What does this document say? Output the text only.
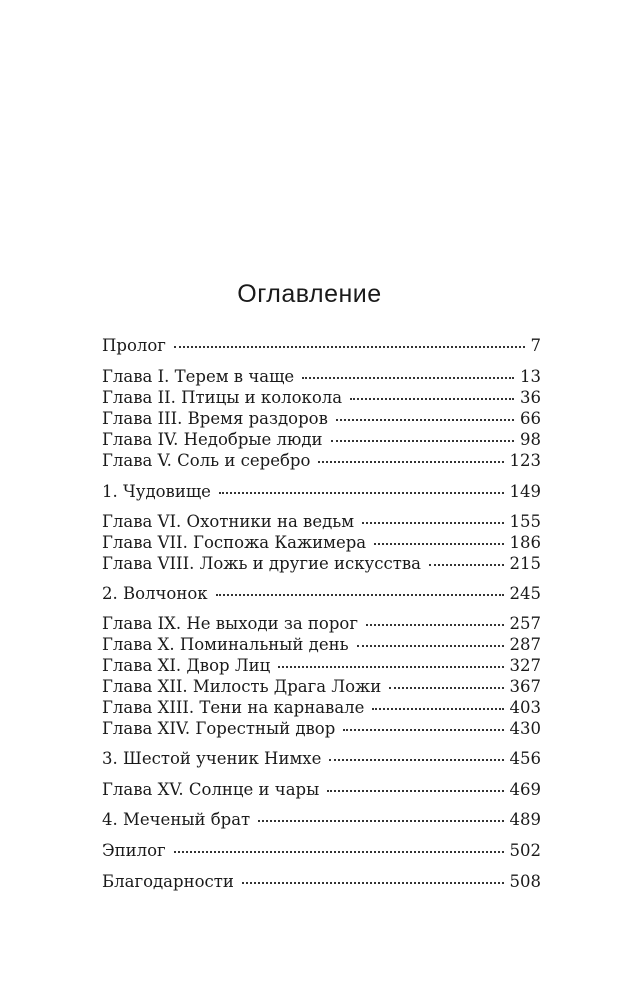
Оглавление
Пролог	7
Глава I. Терем в чаще	13
Глава II. Птицы и колокола	36
Глава III. Время раздоров	66
Глава IV. Недобрые люди	98
Глава V. Соль и серебро	123
1. Чудовище	149
Глава VI. Охотники на ведьм	155
Глава VII. Госпожа Кажимера	186
Глава VIII. Ложь и другие искусства	215
2. Волчонок	245
Глава IX. Не выходи за порог	257
Глава X. Поминальный день	287
Глава XI. Двор Лиц	327
Глава XII. Милость Драга Ложи	367
Глава XIII. Тени на карнавале	403
Глава XIV. Горестный двор	430
3. Шестой ученик Нимхе	456
Глава XV. Солнце и чары	469
4. Меченый брат	489
Эпилог	502
Благодарности	508
